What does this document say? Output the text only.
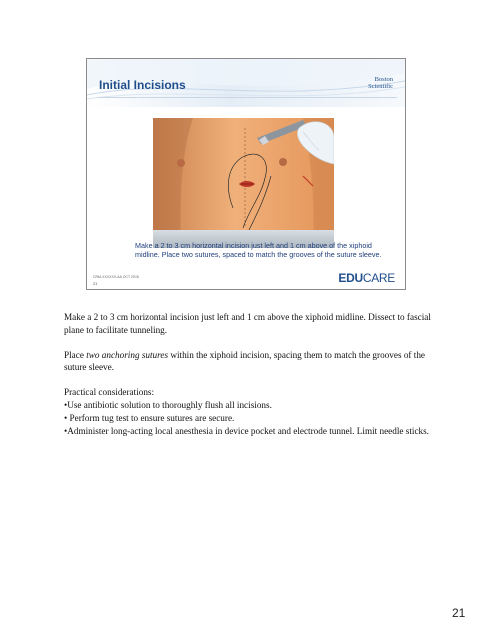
Initial Incisions	Boston
Scientific
Make a 2 to 3 cm horizontal incision just left and 1 cm above of the xiphoid midline. Place two sutures, spaced to match the grooves of the suture sleeve.
CRM-XXXXXX-AA OCT 2015
21	EDUCARE

Make a 2 to 3 cm horizontal incision just left and 1 cm above the xiphoid midline. Dissect to fascial plane to facilitate tunneling.

Place two anchoring sutures within the xiphoid incision, spacing them to match the grooves of the suture sleeve.

Practical considerations:
•Use antibiotic solution to thoroughly flush all incisions.
• Perform tug test to ensure sutures are secure.
•Administer long-acting local anesthesia in device pocket and electrode tunnel. Limit needle sticks.

21
